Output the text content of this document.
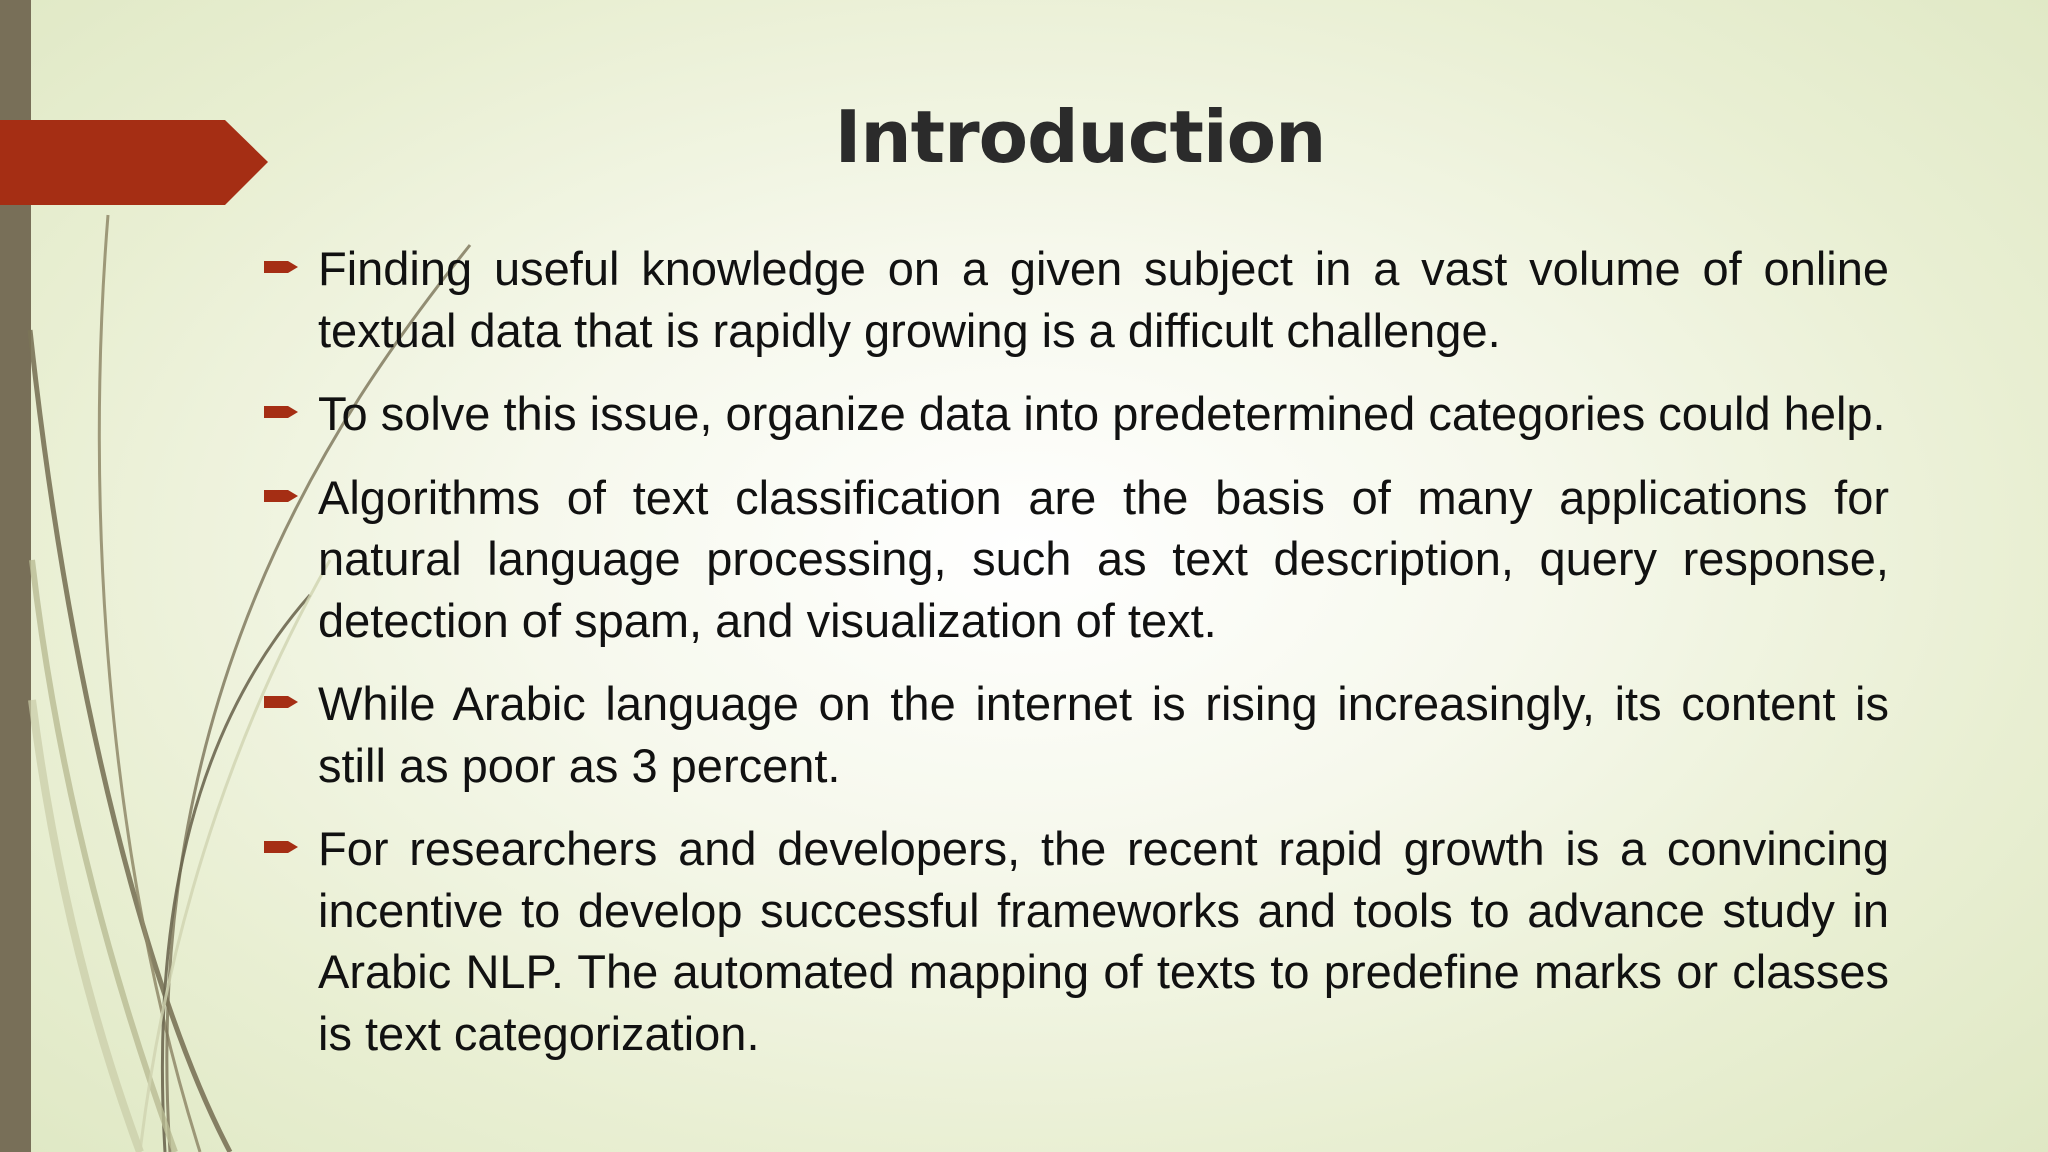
Introduction
Finding useful knowledge on a given subject in a vast volume of online textual data that is rapidly growing is a difficult challenge.
To solve this issue, organize data into predetermined categories could help.
Algorithms of text classification are the basis of many applications for natural language processing, such as text description, query response, detection of spam, and visualization of text.
While Arabic language on the internet is rising increasingly, its content is still as poor as 3 percent.
For researchers and developers, the recent rapid growth is a convincing incentive to develop successful frameworks and tools to advance study in Arabic NLP. The automated mapping of texts to predefine marks or classes is text categorization.
